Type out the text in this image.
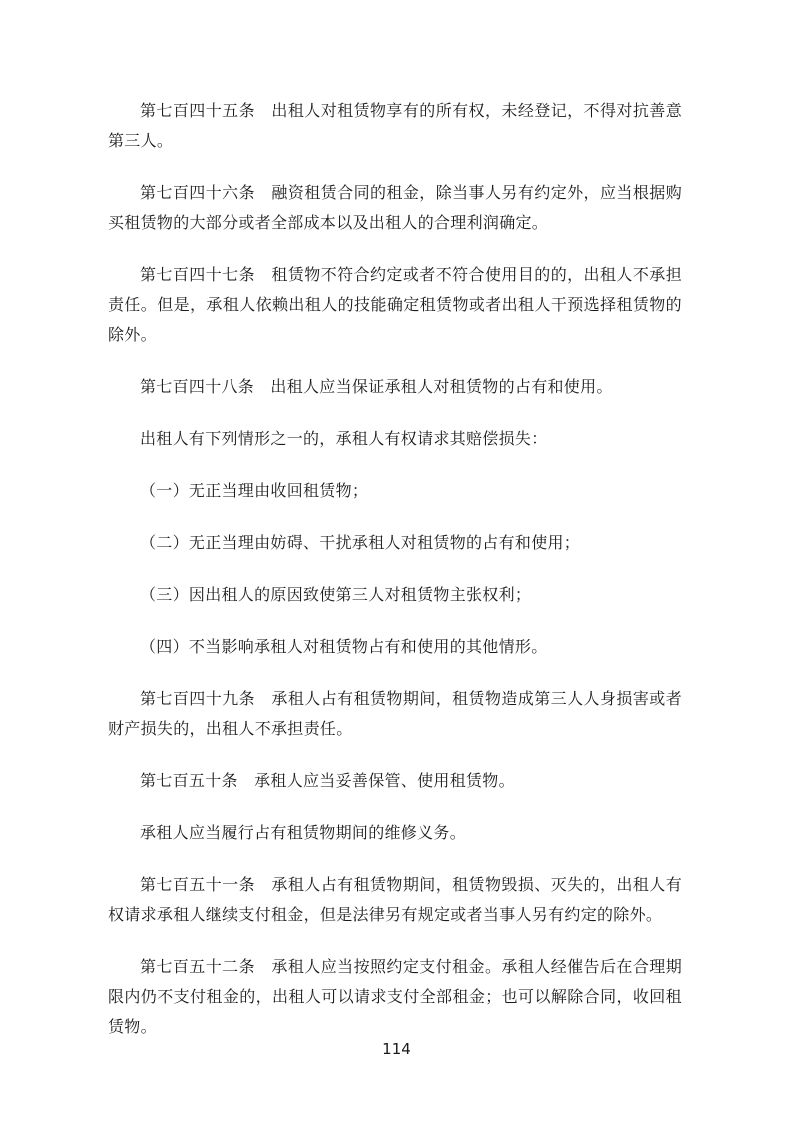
第七百四十五条　出租人对租赁物享有的所有权，未经登记，不得对抗善意第三人。

第七百四十六条　融资租赁合同的租金，除当事人另有约定外，应当根据购买租赁物的大部分或者全部成本以及出租人的合理利润确定。

第七百四十七条　租赁物不符合约定或者不符合使用目的的，出租人不承担责任。但是，承租人依赖出租人的技能确定租赁物或者出租人干预选择租赁物的除外。

第七百四十八条　出租人应当保证承租人对租赁物的占有和使用。

出租人有下列情形之一的，承租人有权请求其赔偿损失：

（一）无正当理由收回租赁物；

（二）无正当理由妨碍、干扰承租人对租赁物的占有和使用；

（三）因出租人的原因致使第三人对租赁物主张权利；

（四）不当影响承租人对租赁物占有和使用的其他情形。

第七百四十九条　承租人占有租赁物期间，租赁物造成第三人人身损害或者财产损失的，出租人不承担责任。

第七百五十条　承租人应当妥善保管、使用租赁物。

承租人应当履行占有租赁物期间的维修义务。

第七百五十一条　承租人占有租赁物期间，租赁物毁损、灭失的，出租人有权请求承租人继续支付租金，但是法律另有规定或者当事人另有约定的除外。

第七百五十二条　承租人应当按照约定支付租金。承租人经催告后在合理期限内仍不支付租金的，出租人可以请求支付全部租金；也可以解除合同，收回租赁物。

114
